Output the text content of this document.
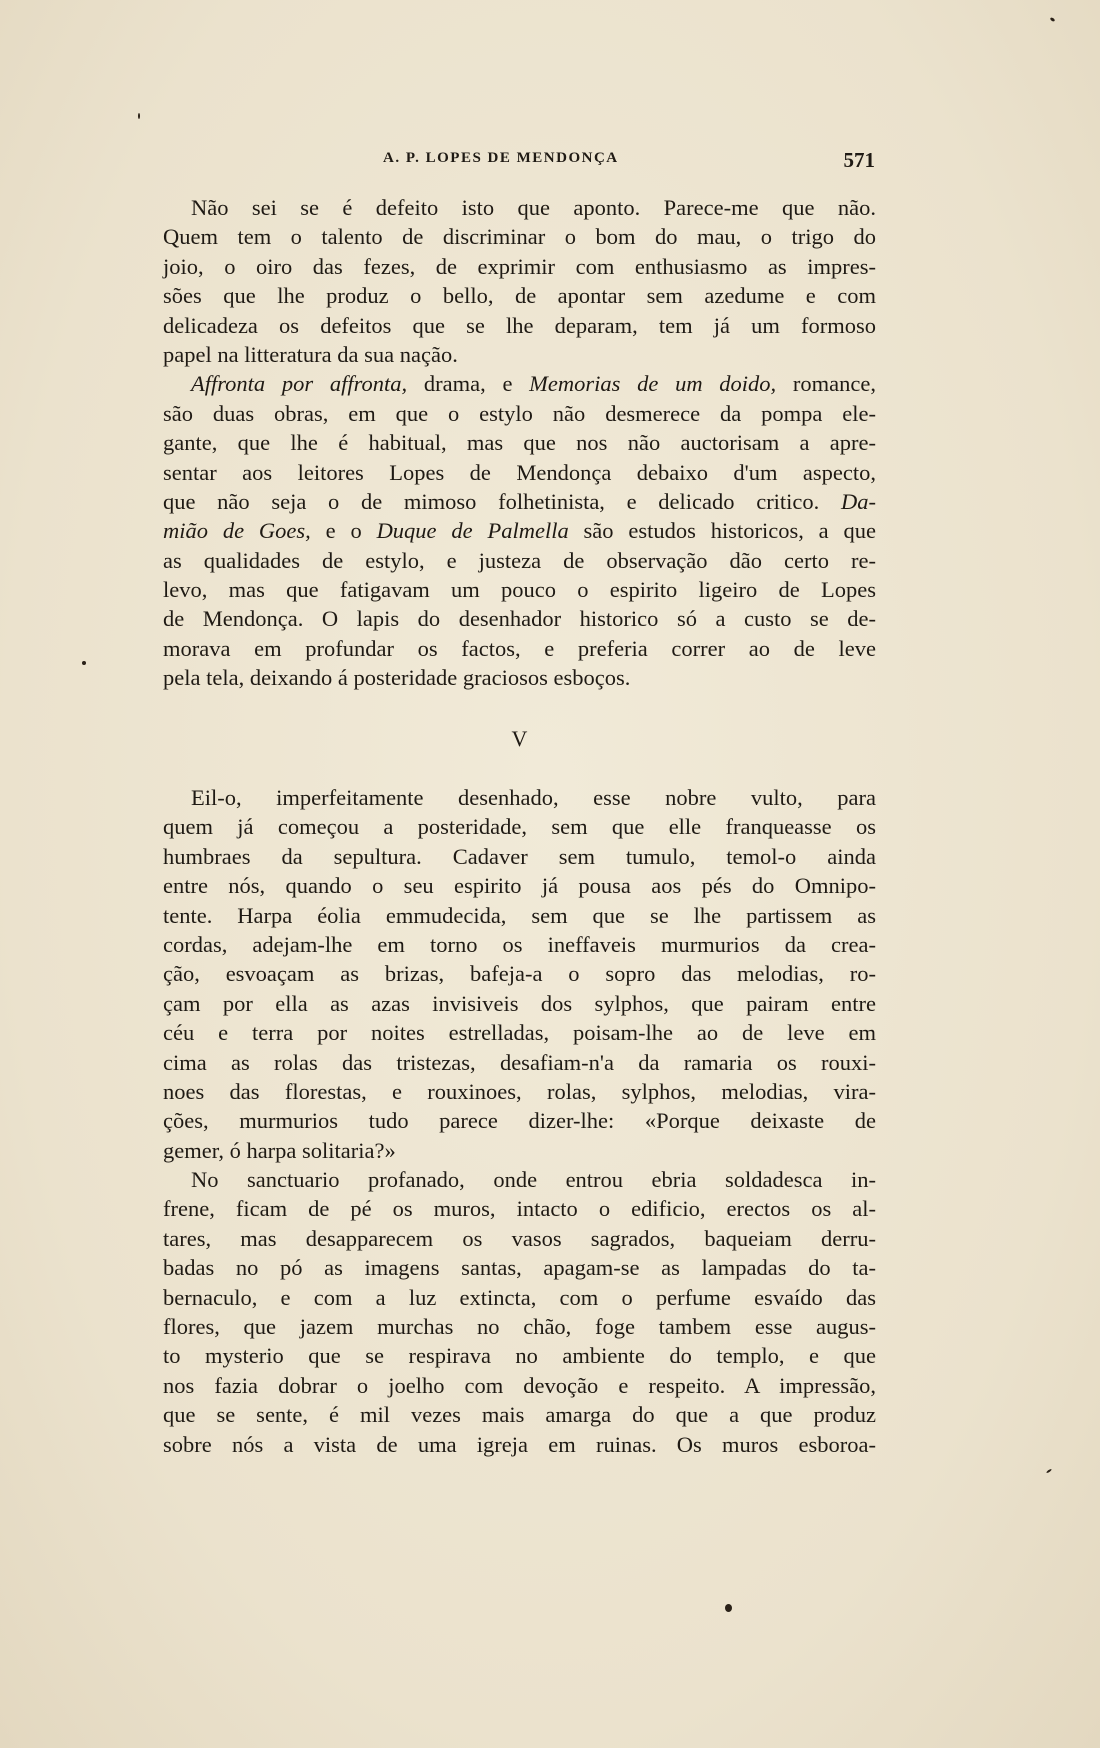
A. P. LOPES DE MENDONÇA	571
Não sei se é defeito isto que aponto. Parece-me que não.
Quem tem o talento de discriminar o bom do mau, o trigo do
joio, o oiro das fezes, de exprimir com enthusiasmo as impres-
sões que lhe produz o bello, de apontar sem azedume e com
delicadeza os defeitos que se lhe deparam, tem já um formoso
papel na litteratura da sua nação.
Affronta por affronta, drama, e Memorias de um doido, romance,
são duas obras, em que o estylo não desmerece da pompa ele-
gante, que lhe é habitual, mas que nos não auctorisam a apre-
sentar aos leitores Lopes de Mendonça debaixo d'um aspecto,
que não seja o de mimoso folhetinista, e delicado critico. Da-
mião de Goes, e o Duque de Palmella são estudos historicos, a que
as qualidades de estylo, e justeza de observação dão certo re-
levo, mas que fatigavam um pouco o espirito ligeiro de Lopes
de Mendonça. O lapis do desenhador historico só a custo se de-
morava em profundar os factos, e preferia correr ao de leve
pela tela, deixando á posteridade graciosos esboços.
V
Eil-o, imperfeitamente desenhado, esse nobre vulto, para
quem já começou a posteridade, sem que elle franqueasse os
humbraes da sepultura. Cadaver sem tumulo, temol-o ainda
entre nós, quando o seu espirito já pousa aos pés do Omnipo-
tente. Harpa éolia emmudecida, sem que se lhe partissem as
cordas, adejam-lhe em torno os ineffaveis murmurios da crea-
ção, esvoaçam as brizas, bafeja-a o sopro das melodias, ro-
çam por ella as azas invisiveis dos sylphos, que pairam entre
céu e terra por noites estrelladas, poisam-lhe ao de leve em
cima as rolas das tristezas, desafiam-n'a da ramaria os rouxi-
noes das florestas, e rouxinoes, rolas, sylphos, melodias, vira-
ções, murmurios tudo parece dizer-lhe: «Porque deixaste de
gemer, ó harpa solitaria?»
No sanctuario profanado, onde entrou ebria soldadesca in-
frene, ficam de pé os muros, intacto o edificio, erectos os al-
tares, mas desapparecem os vasos sagrados, baqueiam derru-
badas no pó as imagens santas, apagam-se as lampadas do ta-
bernaculo, e com a luz extincta, com o perfume esvaído das
flores, que jazem murchas no chão, foge tambem esse augus-
to mysterio que se respirava no ambiente do templo, e que
nos fazia dobrar o joelho com devoção e respeito. A impressão,
que se sente, é mil vezes mais amarga do que a que produz
sobre nós a vista de uma igreja em ruinas. Os muros esboroa-
